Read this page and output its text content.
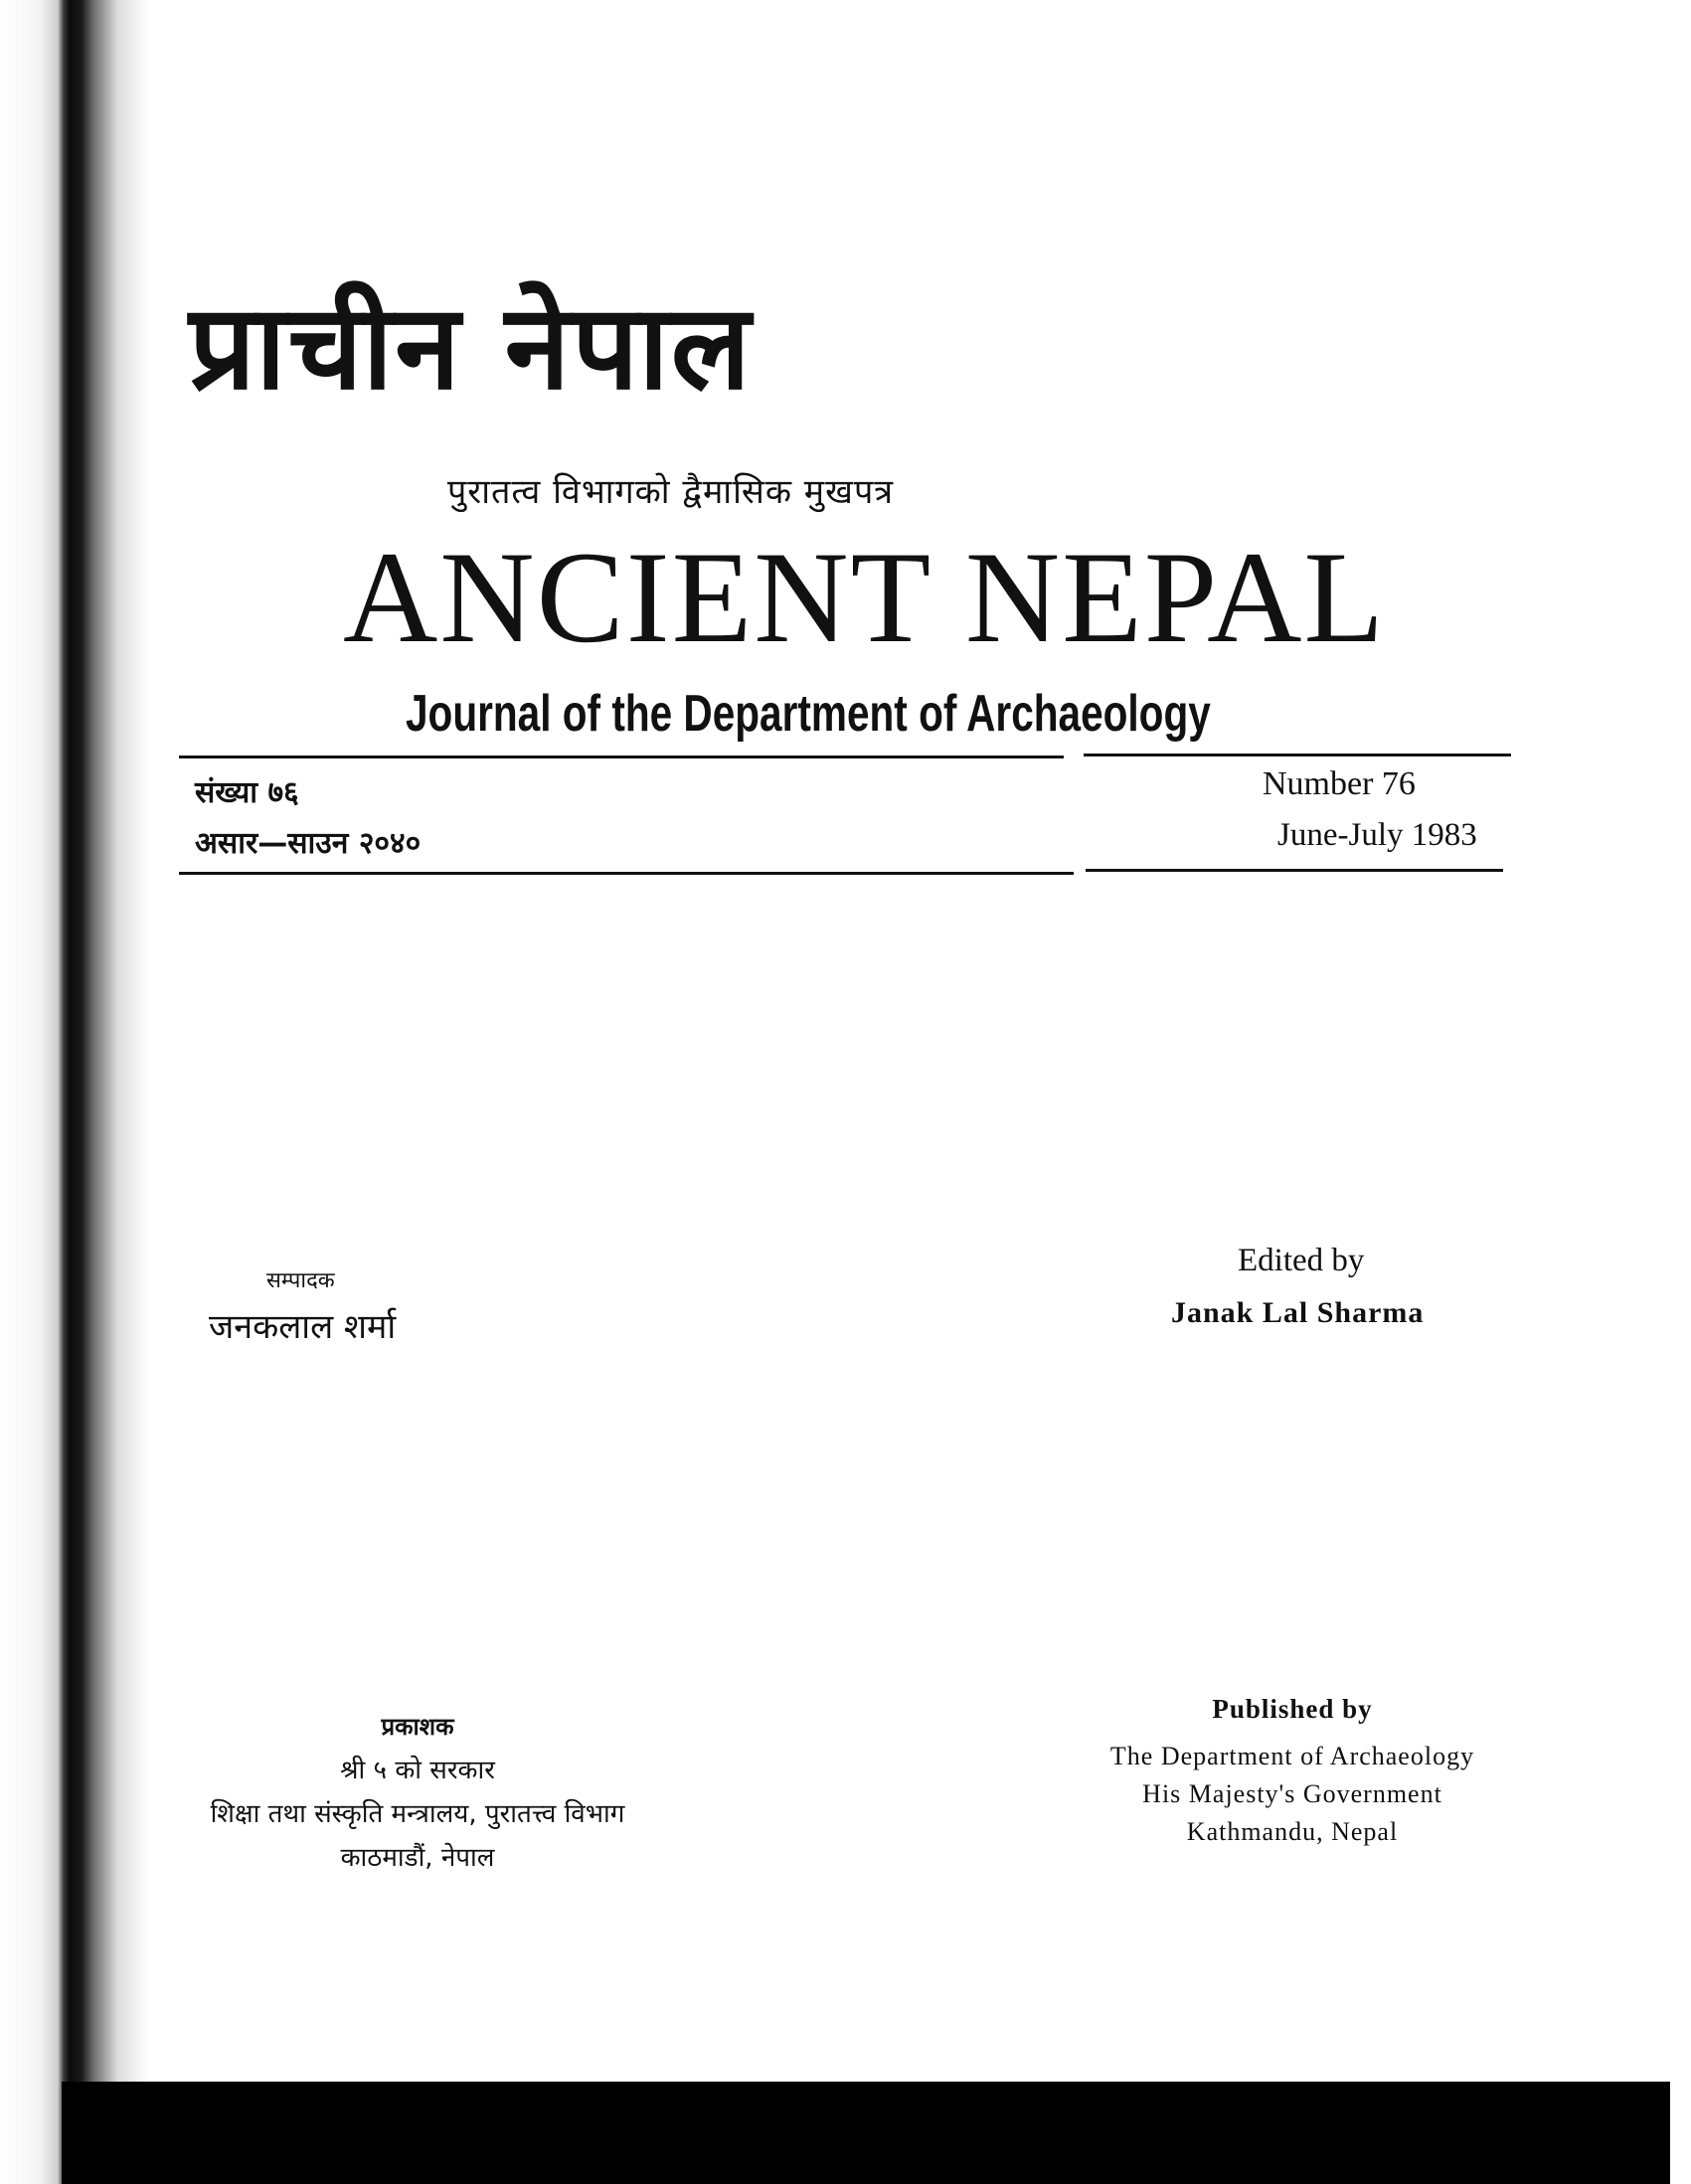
प्राचीन नेपाल
पुरातत्व विभागको द्वैमासिक मुखपत्र
ANCIENT NEPAL
Journal of the Department of Archaeology
संख्या ७६
असार—साउन २०४०
Number 76
June-July 1983
सम्पादक
जनकलाल शर्मा
Edited by
Janak Lal Sharma
प्रकाशक
श्री ५ को सरकार
शिक्षा तथा संस्कृति मन्त्रालय, पुरातत्त्व विभाग
काठमाडौं, नेपाल
Published by
The Department of Archaeology
His Majesty's Government
Kathmandu, Nepal
